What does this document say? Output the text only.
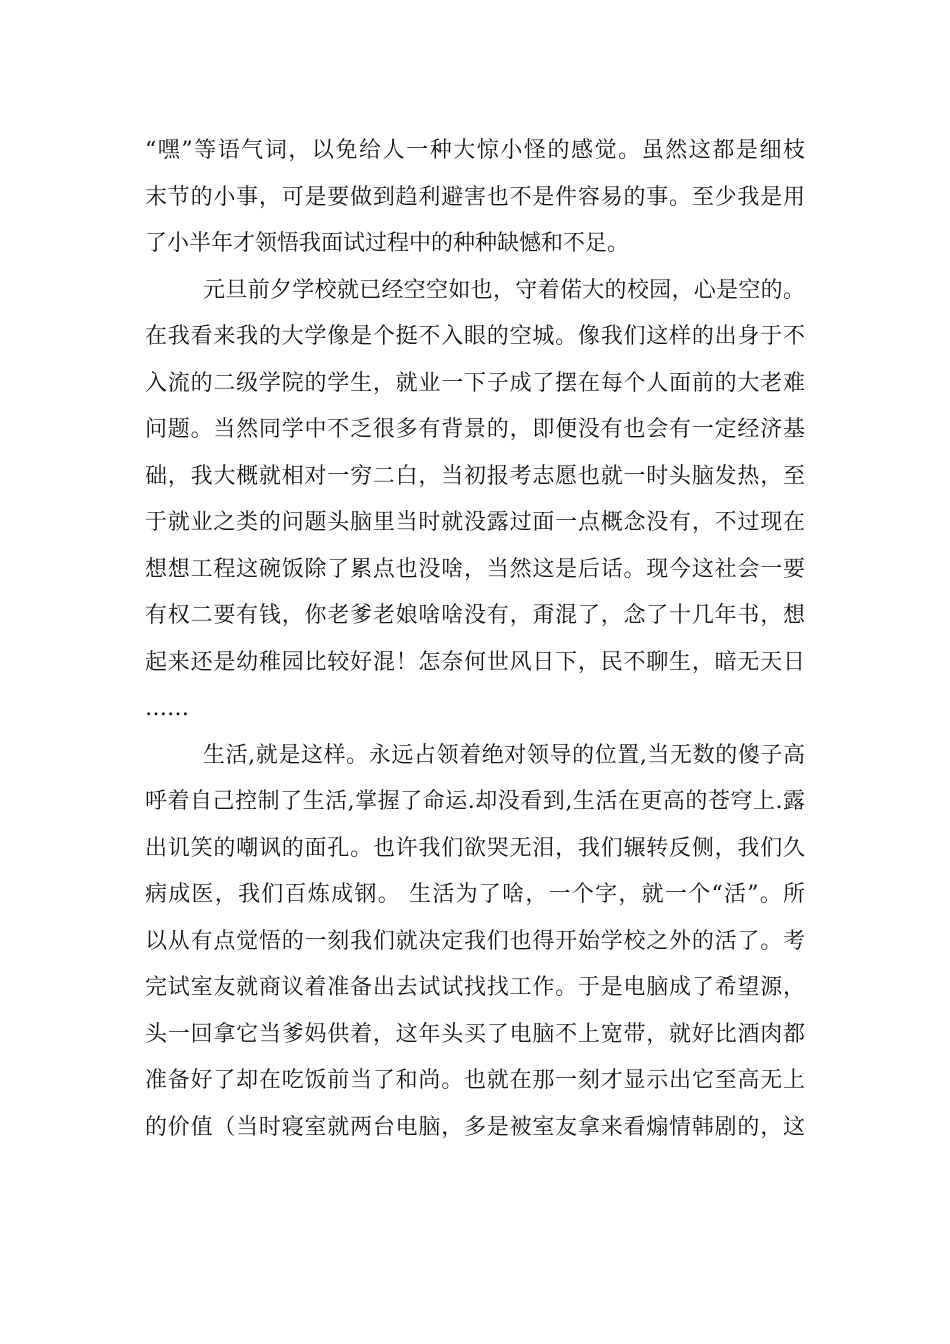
“嘿”等语气词，以免给人一种大惊小怪的感觉。虽然这都是细枝
末节的小事，可是要做到趋利避害也不是件容易的事。至少我是用
了小半年才领悟我面试过程中的种种缺憾和不足。
元旦前夕学校就已经空空如也，守着偌大的校园，心是空的。
在我看来我的大学像是个挺不入眼的空城。像我们这样的出身于不
入流的二级学院的学生，就业一下子成了摆在每个人面前的大老难
问题。当然同学中不乏很多有背景的，即便没有也会有一定经济基
础，我大概就相对一穷二白，当初报考志愿也就一时头脑发热，至
于就业之类的问题头脑里当时就没露过面一点概念没有，不过现在
想想工程这碗饭除了累点也没啥，当然这是后话。现今这社会一要
有权二要有钱，你老爹老娘啥啥没有，甭混了，念了十几年书，想
起来还是幼稚园比较好混！怎奈何世风日下，民不聊生，暗无天日
……
生活,就是这样。永远占领着绝对领导的位置,当无数的傻子高
呼着自己控制了生活,掌握了命运.却没看到,生活在更高的苍穹上.露
出讥笑的嘲讽的面孔。也许我们欲哭无泪，我们辗转反侧，我们久
病成医，我们百炼成钢。 生活为了啥，一个字，就一个“活”。所
以从有点觉悟的一刻我们就决定我们也得开始学校之外的活了。考
完试室友就商议着准备出去试试找找工作。于是电脑成了希望源，
头一回拿它当爹妈供着，这年头买了电脑不上宽带，就好比酒肉都
准备好了却在吃饭前当了和尚。也就在那一刻才显示出它至高无上
的价值（当时寝室就两台电脑，多是被室友拿来看煽情韩剧的，这
